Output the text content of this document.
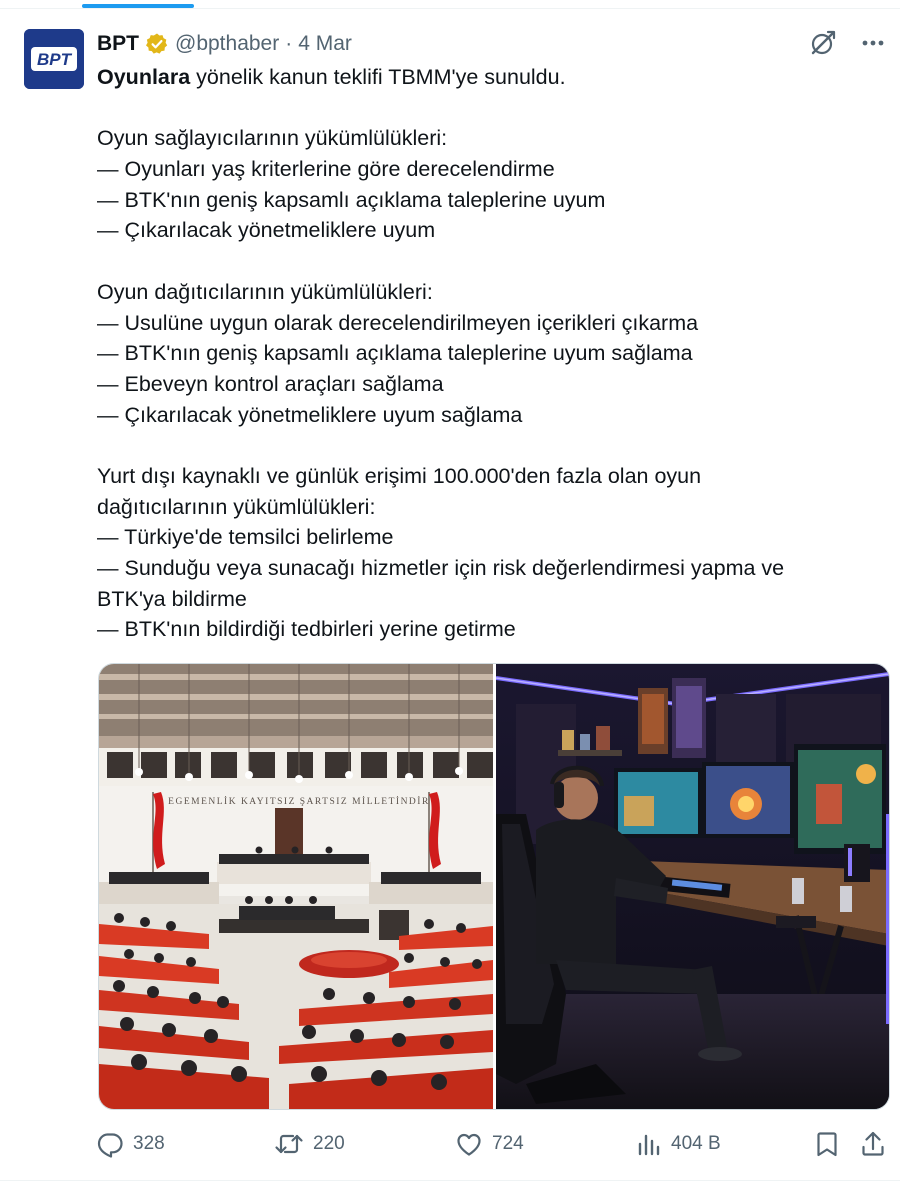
BPT
BPT @bpthaber · 4 Mar
Oyunlara yönelik kanun teklifi TBMM'ye sunuldu.
Oyun sağlayıcılarının yükümlülükleri:
— Oyunları yaş kriterlerine göre derecelendirme
— BTK'nın geniş kapsamlı açıklama taleplerine uyum
— Çıkarılacak yönetmeliklere uyum
Oyun dağıtıcılarının yükümlülükleri:
— Usulüne uygun olarak derecelendirilmeyen içerikleri çıkarma
— BTK'nın geniş kapsamlı açıklama taleplerine uyum sağlama
— Ebeveyn kontrol araçları sağlama
— Çıkarılacak yönetmeliklere uyum sağlama
Yurt dışı kaynaklı ve günlük erişimi 100.000'den fazla olan oyun
dağıtıcılarının yükümlülükleri:
— Türkiye'de temsilci belirleme
— Sunduğu veya sunacağı hizmetler için risk değerlendirmesi yapma ve
BTK'ya bildirme
— BTK'nın bildirdiği tedbirleri yerine getirme
EGEMENLİK KAYITSIZ ŞARTSIZ MİLLETİNDİR
328	220	724	404 B
